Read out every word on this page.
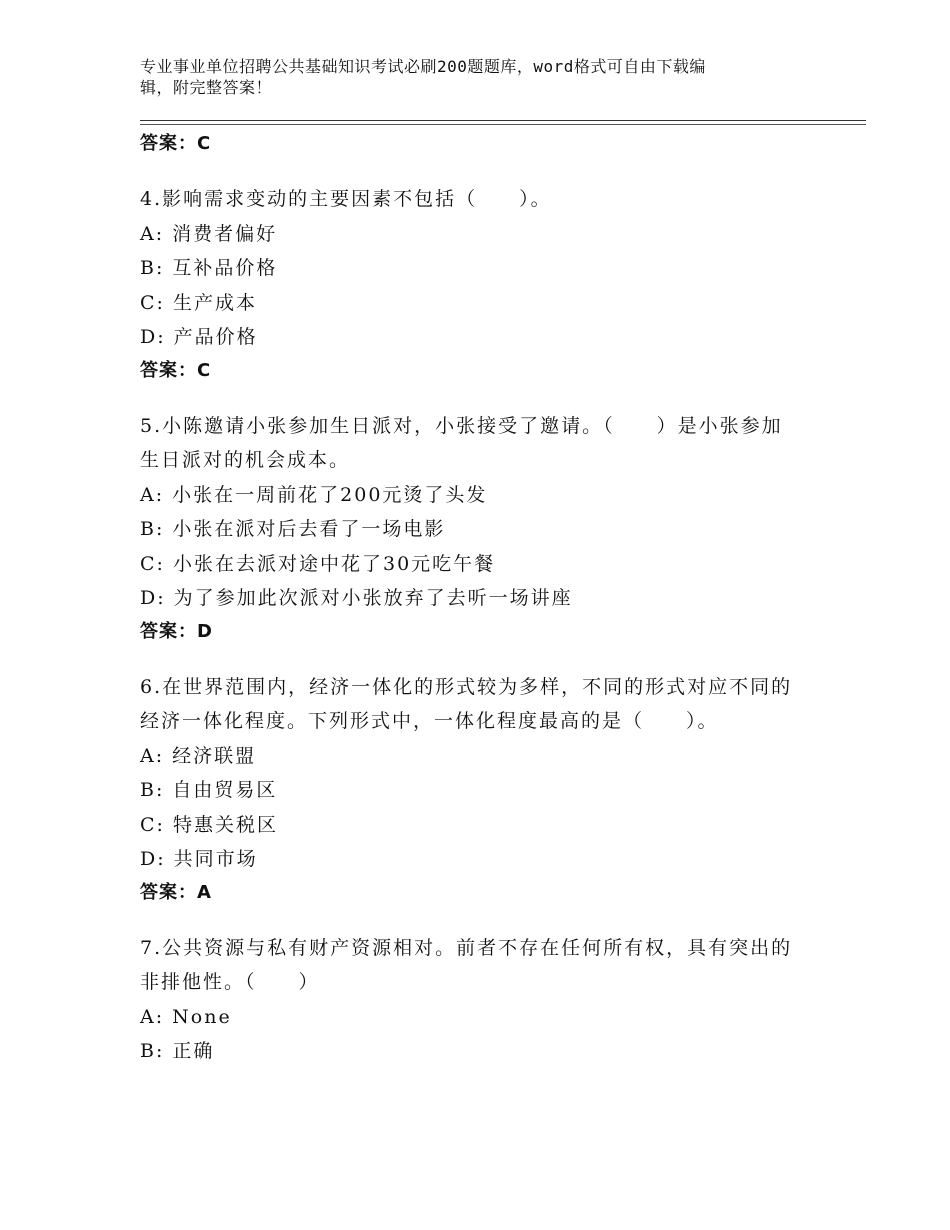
专业事业单位招聘公共基础知识考试必刷200题题库，word格式可自由下载编
辑，附完整答案！
答案：C
4.影响需求变动的主要因素不包括（　　）。
A: 消费者偏好
B: 互补品价格
C: 生产成本
D: 产品价格
答案：C
5.小陈邀请小张参加生日派对，小张接受了邀请。（　　）是小张参加生日派对的机会成本。
A: 小张在一周前花了200元烫了头发
B: 小张在派对后去看了一场电影
C: 小张在去派对途中花了30元吃午餐
D: 为了参加此次派对小张放弃了去听一场讲座
答案：D
6.在世界范围内，经济一体化的形式较为多样，不同的形式对应不同的经济一体化程度。下列形式中，一体化程度最高的是（　　）。
A: 经济联盟
B: 自由贸易区
C: 特惠关税区
D: 共同市场
答案：A
7.公共资源与私有财产资源相对。前者不存在任何所有权，具有突出的非排他性。（　　）
A: None
B: 正确
